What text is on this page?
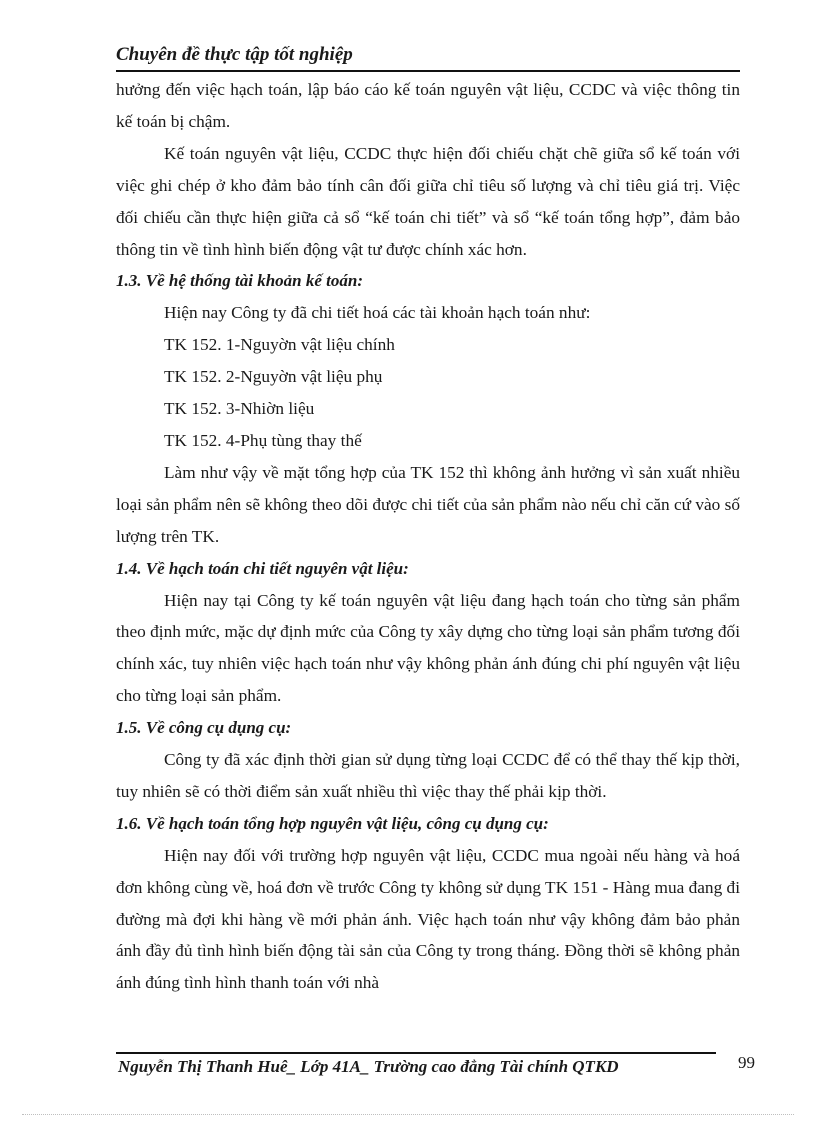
Chuyên đề thực tập tốt nghiệp

hưởng đến việc hạch toán, lập báo cáo kế toán nguyên vật liệu, CCDC và việc thông tin kế toán bị chậm.

Kế toán nguyên vật liệu, CCDC thực hiện đối chiếu chặt chẽ giữa sổ kế toán với việc ghi chép ở kho đảm bảo tính cân đối giữa chỉ tiêu số lượng và chỉ tiêu giá trị. Việc đối chiếu cần thực hiện giữa cả sổ “kế toán chi tiết” và sổ “kế toán tổng hợp”, đảm bảo thông tin về tình hình biến động vật tư được chính xác hơn.

1.3. Về hệ thống tài khoản kế toán:

Hiện nay Công ty đã chi tiết hoá các tài khoản hạch toán như:

TK 152. 1-Nguyờn vật liệu chính

TK 152. 2-Nguyờn vật liệu phụ

TK 152. 3-Nhiờn liệu

TK 152. 4-Phụ tùng thay thế

Làm như vậy về mặt tổng hợp của TK 152 thì không ảnh hưởng vì sản xuất nhiều loại sản phẩm nên sẽ không theo dõi được chi tiết của sản phẩm nào nếu chỉ căn cứ vào số lượng trên TK.

1.4. Về hạch toán chi tiết nguyên vật liệu:

Hiện nay tại Công ty kế toán nguyên vật liệu đang hạch toán cho từng sản phẩm theo định mức, mặc dự định mức của Công ty xây dựng cho từng loại sản phẩm tương đối chính xác, tuy nhiên việc hạch toán như vậy không phản ánh đúng chi phí nguyên vật liệu cho từng loại sản phẩm.

1.5. Về công cụ dụng cụ:

Công ty đã xác định thời gian sử dụng từng loại CCDC để có thể thay thế kịp thời, tuy nhiên sẽ có thời điểm sản xuất nhiều thì việc thay thế phải kịp thời.

1.6. Về hạch toán tổng hợp nguyên vật liệu, công cụ dụng cụ:

Hiện nay đối với trường hợp nguyên vật liệu, CCDC mua ngoài nếu hàng và hoá đơn không cùng về, hoá đơn về trước Công ty không sử dụng TK 151 - Hàng mua đang đi đường mà đợi khi hàng về mới phản ánh. Việc hạch toán như vậy không đảm bảo phản ánh đầy đủ tình hình biến động tài sản của Công ty trong tháng. Đồng thời sẽ không phản ánh đúng tình hình thanh toán với nhà

Nguyễn Thị Thanh Huê_ Lớp 41A_ Trường cao đẳng Tài chính QTKD	99
